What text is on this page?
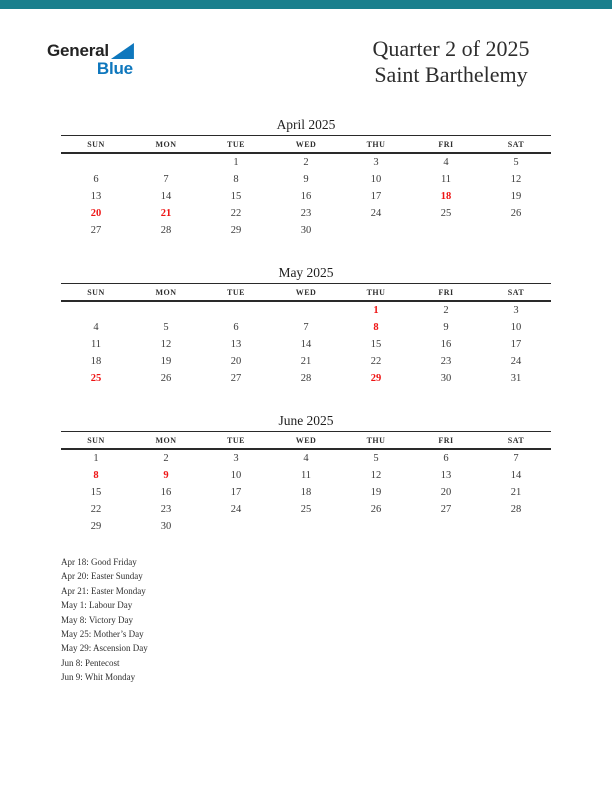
General
Blue
Quarter 2 of 2025
Saint Barthelemy
April 2025
SUN	MON	TUE	WED	THU	FRI	SAT
		1	2	3	4	5
6	7	8	9	10	11	12
13	14	15	16	17	18	19
20	21	22	23	24	25	26
27	28	29	30			
May 2025
SUN	MON	TUE	WED	THU	FRI	SAT
				1	2	3
4	5	6	7	8	9	10
11	12	13	14	15	16	17
18	19	20	21	22	23	24
25	26	27	28	29	30	31
June 2025
SUN	MON	TUE	WED	THU	FRI	SAT
1	2	3	4	5	6	7
8	9	10	11	12	13	14
15	16	17	18	19	20	21
22	23	24	25	26	27	28
29	30					
Apr 18: Good Friday
Apr 20: Easter Sunday
Apr 21: Easter Monday
May 1: Labour Day
May 8: Victory Day
May 25: Mother’s Day
May 29: Ascension Day
Jun 8: Pentecost
Jun 9: Whit Monday
